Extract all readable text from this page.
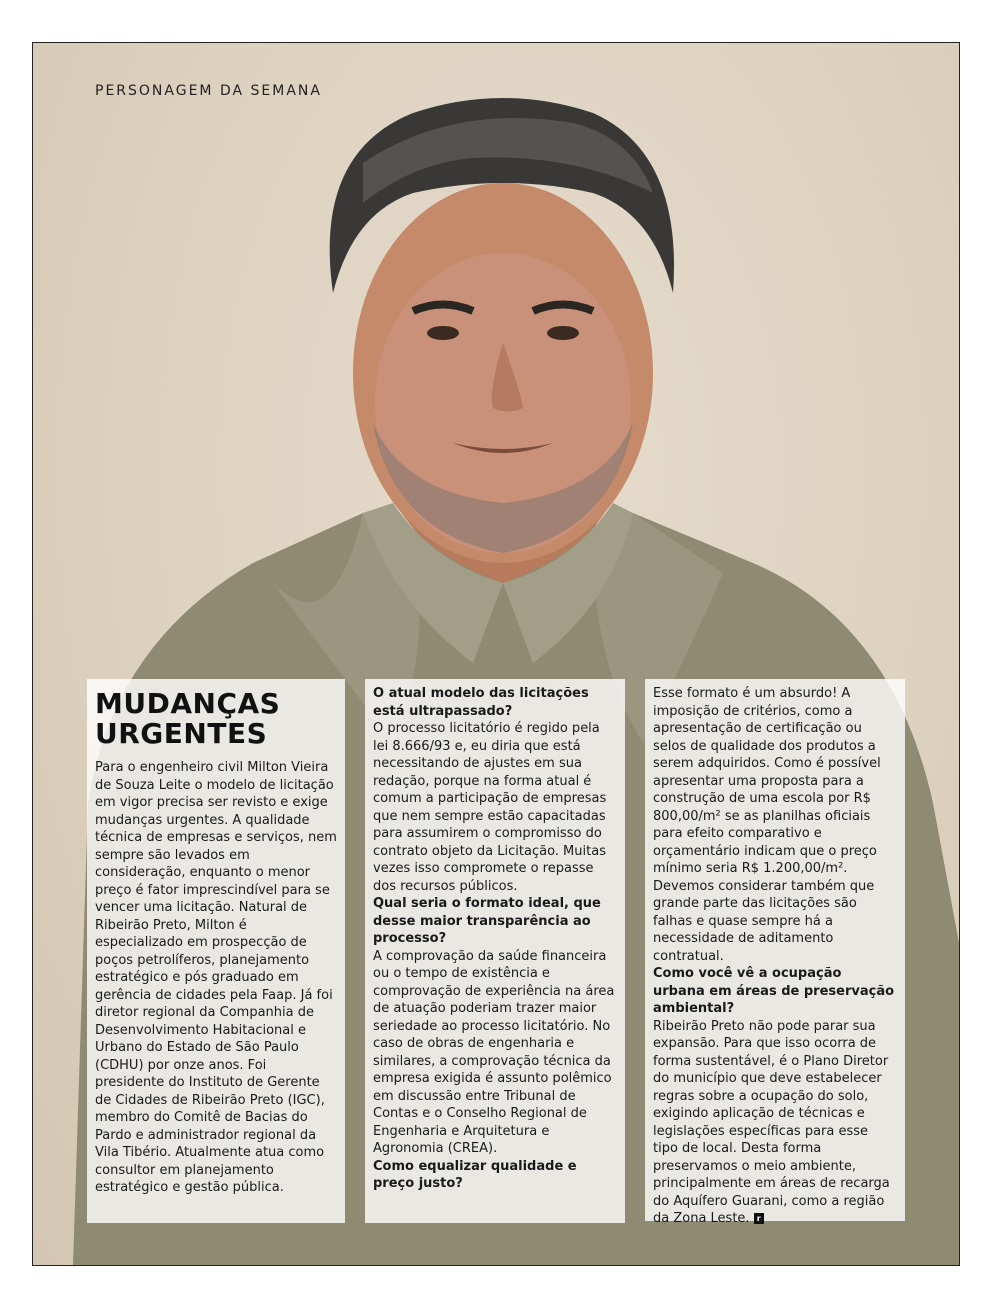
PERSONAGEM DA SEMANA
MUDANÇAS
URGENTES
Para o engenheiro civil Milton Vieira de Souza Leite o modelo de licitação em vigor precisa ser revisto e exige mudanças urgentes. A qualidade técnica de empresas e serviços, nem sempre são levados em consideração, enquanto o menor preço é fator imprescindível para se vencer uma licitação. Natural de Ribeirão Preto, Milton é especializado em prospecção de poços petrolíferos, planejamento estratégico e pós graduado em gerência de cidades pela Faap. Já foi diretor regional da Companhia de Desenvolvimento Habitacional e Urbano do Estado de São Paulo (CDHU) por onze anos. Foi presidente do Instituto de Gerente de Cidades de Ribeirão Preto (IGC), membro do Comitê de Bacias do Pardo e administrador regional da Vila Tibério. Atualmente atua como consultor em planejamento estratégico e gestão pública.
O atual modelo das licitações está ultrapassado?
O processo licitatório é regido pela lei 8.666/93 e, eu diria que está necessitando de ajustes em sua redação, porque na forma atual é comum a participação de empresas que nem sempre estão capacitadas para assumirem o compromisso do contrato objeto da Licitação. Muitas vezes isso compromete o repasse dos recursos públicos.
Qual seria o formato ideal, que desse maior transparência ao processo?
A comprovação da saúde financeira ou o tempo de existência e comprovação de experiência na área de atuação poderiam trazer maior seriedade ao processo licitatório. No caso de obras de engenharia e similares, a comprovação técnica da empresa exigida é assunto polêmico em discussão entre Tribunal de Contas e o Conselho Regional de Engenharia e Arquitetura e Agronomia (CREA).
Como equalizar qualidade e preço justo?
Esse formato é um absurdo! A imposição de critérios, como a apresentação de certificação ou selos de qualidade dos produtos a serem adquiridos. Como é possível apresentar uma proposta para a construção de uma escola por R$ 800,00/m² se as planilhas oficiais para efeito comparativo e orçamentário indicam que o preço mínimo seria R$ 1.200,00/m². Devemos considerar também que grande parte das licitações são falhas e quase sempre há a necessidade de aditamento contratual.
Como você vê a ocupação urbana em áreas de preservação ambiental?
Ribeirão Preto não pode parar sua expansão. Para que isso ocorra de forma sustentável, é o Plano Diretor do município que deve estabelecer regras sobre a ocupação do solo, exigindo aplicação de técnicas e legislações específicas para esse tipo de local. Desta forma preservamos o meio ambiente, principalmente em áreas de recarga do Aquífero Guarani, como a região da Zona Leste. r
